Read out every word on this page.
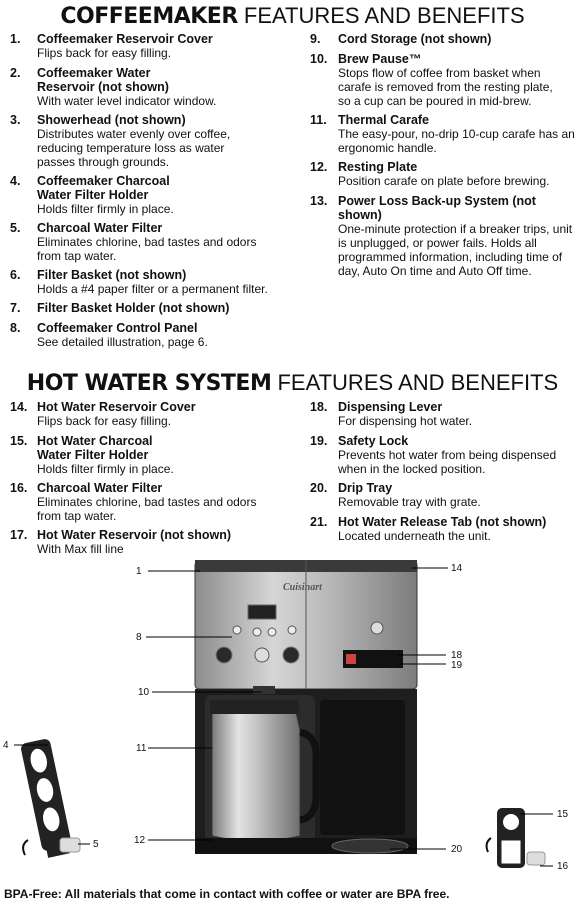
COFFEEMAKER FEATURES AND BENEFITS
HOT WATER SYSTEM FEATURES AND BENEFITS
1. Coffeemaker Reservoir Cover
Flips back for easy filling.
2. Coffeemaker Water Reservoir (not shown)
With water level indicator window.
3. Showerhead (not shown)
Distributes water evenly over coffee, reducing temperature loss as water passes through grounds.
4. Coffeemaker Charcoal Water Filter Holder
Holds filter firmly in place.
5. Charcoal Water Filter
Eliminates chlorine, bad tastes and odors from tap water.
6. Filter Basket (not shown)
Holds a #4 paper filter or a permanent filter.
7. Filter Basket Holder (not shown)
8. Coffeemaker Control Panel
See detailed illustration, page 6.
9. Cord Storage (not shown)
10. Brew Pause™
Stops flow of coffee from basket when carafe is removed from the resting plate, so a cup can be poured in mid-brew.
11. Thermal Carafe
The easy-pour, no-drip 10-cup carafe has an ergonomic handle.
12. Resting Plate
Position carafe on plate before brewing.
13. Power Loss Back-up System (not shown)
One-minute protection if a breaker trips, unit is unplugged, or power fails. Holds all programmed information, including time of day, Auto On time and Auto Off time.
14. Hot Water Reservoir Cover
Flips back for easy filling.
15. Hot Water Charcoal Water Filter Holder
Holds filter firmly in place.
16. Charcoal Water Filter
Eliminates chlorine, bad tastes and odors from tap water.
17. Hot Water Reservoir (not shown)
With Max fill line
18. Dispensing Lever
For dispensing hot water.
19. Safety Lock
Prevents hot water from being dispensed when in the locked position.
20. Drip Tray
Removable tray with grate.
21. Hot Water Release Tab (not shown)
Located underneath the unit.
Cuisinart
1	14
8
18
19
10
11
4
12
20
5
15
16
BPA-Free: All materials that come in contact with coffee or water are BPA free.
